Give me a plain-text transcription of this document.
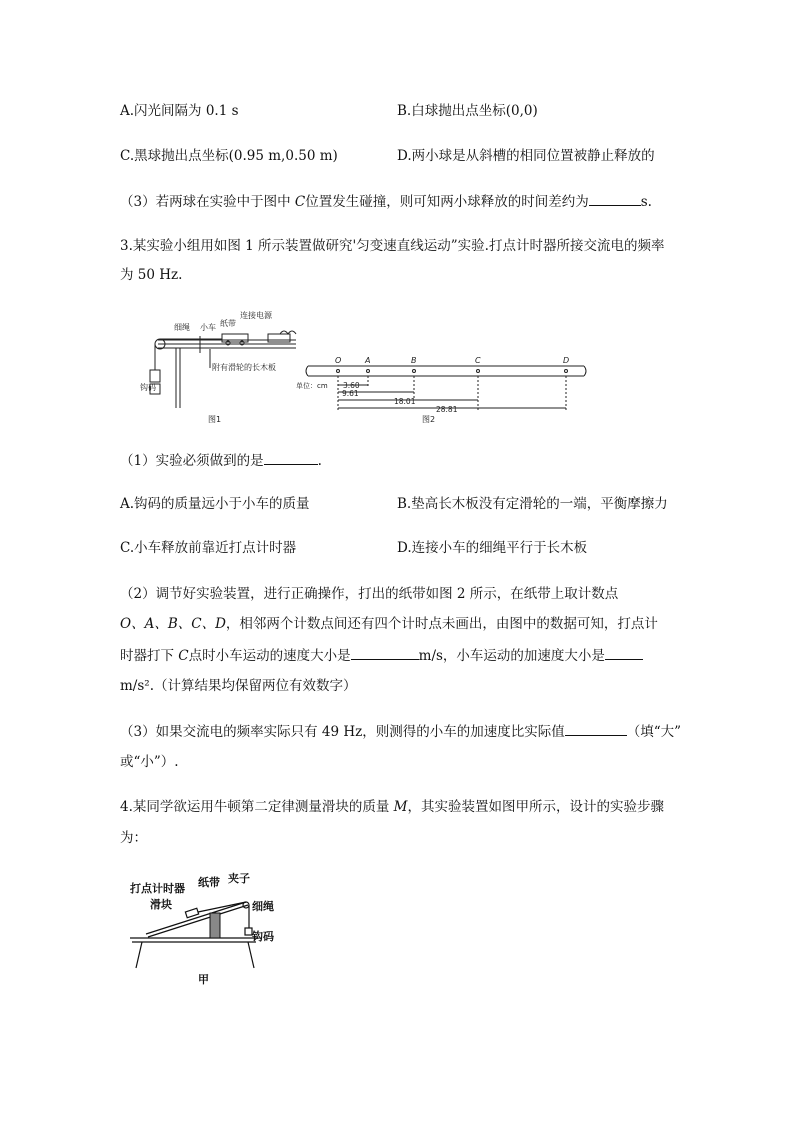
A.闪光间隔为 0.1 s	B.白球抛出点坐标(0,0)
C.黑球抛出点坐标(0.95 m,0.50 m)	D.两小球是从斜槽的相同位置被静止释放的
（3）若两球在实验中于图中 C位置发生碰撞，则可知两小球释放的时间差约为	s.
3.某实验小组用如图 1 所示装置做研究'匀变速直线运动”实验.打点计时器所接交流电的频率
为 50 Hz.
细绳 小车 纸带
连接电源
钩码
附有滑轮的长木板
图1
O	A	B	C	D
单位：cm 3.60
9.61
18.01
28.81
图2
（1）实验必须做到的是	.
A.钩码的质量远小于小车的质量	B.垫高长木板没有定滑轮的一端，平衡摩擦力
C.小车释放前靠近打点计时器	D.连接小车的细绳平行于长木板
（2）调节好实验装置，进行正确操作，打出的纸带如图 2 所示，在纸带上取计数点
O、A、B、C、D，相邻两个计数点间还有四个计时点未画出，由图中的数据可知，打点计
时器打下 C点时小车运动的速度大小是	m/s，小车运动的加速度大小是
m/s².（计算结果均保留两位有效数字）
（3）如果交流电的频率实际只有 49 Hz，则测得的小车的加速度比实际值	（填“大”
或“小”）.
4.某同学欲运用牛顿第二定律测量滑块的质量 M，其实验装置如图甲所示，设计的实验步骤
为：
打点计时器 纸带 夹子
滑块	细绳
钩码
甲
